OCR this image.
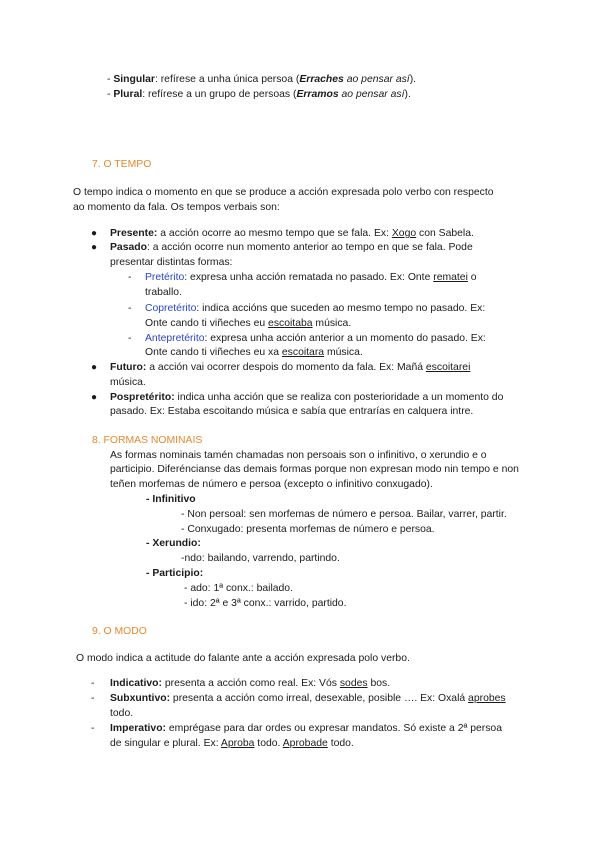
- Singular: refírese a unha única persoa (Erraches ao pensar así).
- Plural: refírese a un grupo de persoas (Erramos ao pensar así).
7. O TEMPO
O tempo indica o momento en que se produce a acción expresada polo verbo con respecto
ao momento da fala. Os tempos verbais son:
● Presente: a acción ocorre ao mesmo tempo que se fala. Ex: Xogo con Sabela.
● Pasado: a acción ocorre nun momento anterior ao tempo en que se fala. Pode
presentar distintas formas:
- Pretérito: expresa unha acción rematada no pasado. Ex: Onte rematei o
traballo.
- Copretérito: indica accións que suceden ao mesmo tempo no pasado. Ex:
Onte cando ti viñeches eu escoitaba música.
- Antepretérito: expresa unha acción anterior a un momento do pasado. Ex:
Onte cando ti viñeches eu xa escoitara música.
● Futuro: a acción vai ocorrer despois do momento da fala. Ex: Mañá escoitarei
música.
● Pospretérito: indica unha acción que se realiza con posterioridade a un momento do
pasado. Ex: Estaba escoitando música e sabía que entrarías en calquera intre.
8. FORMAS NOMINAIS
As formas nominais tamén chamadas non persoais son o infinitivo, o xerundio e o
participio. Diferéncianse das demais formas porque non expresan modo nin tempo e non
teñen morfemas de número e persoa (excepto o infinitivo conxugado).
- Infinitivo
- Non persoal: sen morfemas de número e persoa. Bailar, varrer, partir.
- Conxugado: presenta morfemas de número e persoa.
- Xerundio:
-ndo: bailando, varrendo, partindo.
- Participio:
- ado: 1ª conx.: bailado.
- ido: 2ª e 3ª conx.: varrido, partido.
9. O MODO
O modo indica a actitude do falante ante a acción expresada polo verbo.
- Indicativo: presenta a acción como real. Ex: Vós sodes bos.
- Subxuntivo: presenta a acción como irreal, desexable, posible …. Ex: Oxalá aprobes
todo.
- Imperativo: emprégase para dar ordes ou expresar mandatos. Só existe a 2ª persoa
de singular e plural. Ex: Aproba todo. Aprobade todo.
